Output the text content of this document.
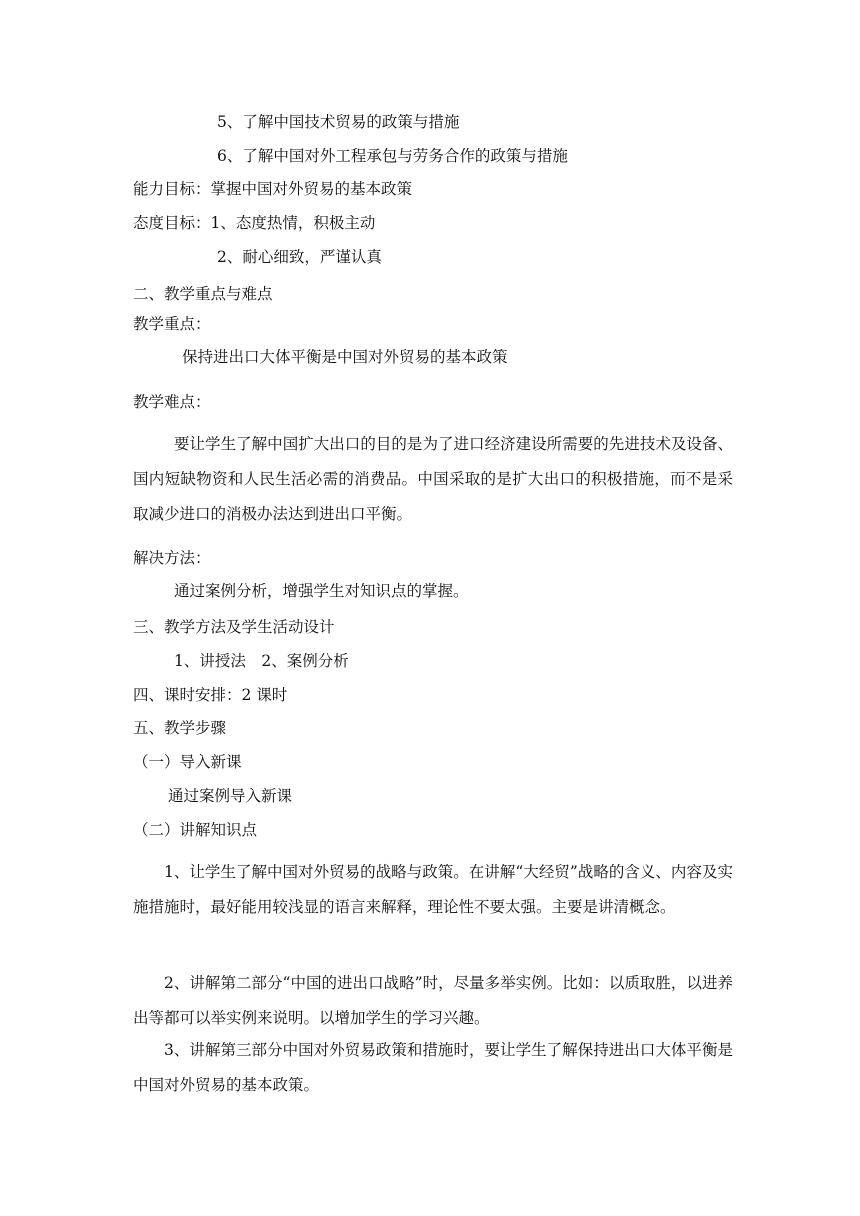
5、了解中国技术贸易的政策与措施
6、了解中国对外工程承包与劳务合作的政策与措施
能力目标：掌握中国对外贸易的基本政策
态度目标：1、态度热情，积极主动
2、耐心细致，严谨认真
二、教学重点与难点
教学重点：
保持进出口大体平衡是中国对外贸易的基本政策
教学难点：
要让学生了解中国扩大出口的目的是为了进口经济建设所需要的先进技术及设备、国内短缺物资和人民生活必需的消费品。中国采取的是扩大出口的积极措施，而不是采取减少进口的消极办法达到进出口平衡。
解决方法：
通过案例分析，增强学生对知识点的掌握。
三、教学方法及学生活动设计
1、讲授法　2、案例分析
四、课时安排：2 课时
五、教学步骤
（一）导入新课
通过案例导入新课
（二）讲解知识点
1、让学生了解中国对外贸易的战略与政策。在讲解“大经贸”战略的含义、内容及实施措施时，最好能用较浅显的语言来解释，理论性不要太强。主要是讲清概念。
2、讲解第二部分“中国的进出口战略”时，尽量多举实例。比如：以质取胜，以进养出等都可以举实例来说明。以增加学生的学习兴趣。
3、讲解第三部分中国对外贸易政策和措施时，要让学生了解保持进出口大体平衡是中国对外贸易的基本政策。
